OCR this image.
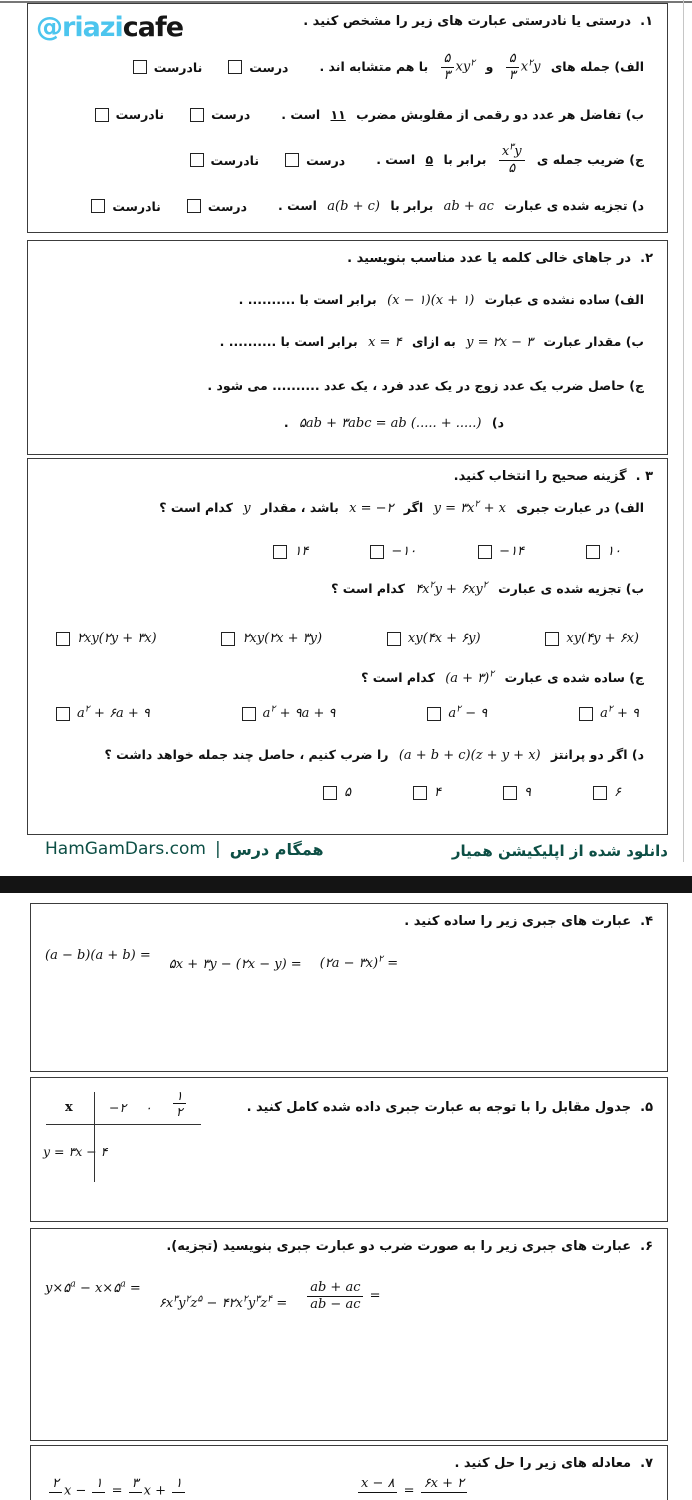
@riazicafe	۱.درستی یا نادرستی عبارت های زیر را مشخص کنید .
الف) جمله های
$\frac{۵}{۳} x^۲y$ و
$\frac{۵}{۳} xy^۲$ با هم متشابه اند .
درست
نادرست
ب) تفاضل هر عدد دو رقمی از مقلوبش مضرب ۱۱ است .
درست
نادرست
ج) ضریب جمله ی
$\frac{x^۳y}{۵}$
برابر با ۵ است .
درست
نادرست
د) تجزیه شده ی عبارت ab + ac برابر با a(b + c) است .
درست
نادرست
۲.در جاهای خالی کلمه یا عدد مناسب بنویسید .
الف) ساده نشده ی عبارت (x − ۱)(x + ۱) برابر است با .......... .
ب) مقدار عبارت y = ۲x − ۳ به ازای x = ۴ برابر است با .......... .
ج) حاصل ضرب یک عدد زوج در یک عدد فرد ، یک عدد .......... می شود .
د) ۵ab + ۳abc = ab (..... + .....) .
۳ .گزینه صحیح را انتخاب کنید.
الف) در عبارت جبری $y = ۳x^۲ + x$ اگر x = −۲ باشد ، مقدار y کدام است ؟
۱۰
−۱۴
−۱۰
۱۴
ب) تجزیه شده ی عبارت $۴x^۲y$ + $۶xy^۲$ کدام است ؟
xy(۴y + ۶x)
xy(۴x + ۶y)
۲xy(۲x + ۳y)
۲xy(۲y + ۳x)
ج) ساده شده ی عبارت (a + ۳)$^۲$ کدام است ؟
$a^۲$ + ۹
$a^۲$ − ۹
$a^۲$ + ۹a + ۹
$a^۲$ + ۶a + ۹
د) اگر دو پرانتز (a + b + c)(z + y + x) را ضرب کنیم ، حاصل چند جمله خواهد داشت ؟
۶
۹
۴
۵
HamGamDars.com | همگام درس	دانلود شده از اپلیکیشن همیار
۴.عبارت های جبری زیر را ساده کنید .
(a − b)(a + b) = ۵x + ۳y − (۲x − y) = (۲a − ۳x)$^۲$ =
۵.جدول مقابل را با توجه به عبارت جبری داده شده کامل کنید .
x	−۲ ۰ $\frac{۱}{۲}$
y = ۳x − ۴
۶.عبارت های جبری زیر را به صورت ضرب دو عبارت جبری بنویسید (تجزیه).
$y\times ۵^a$ − $x\times ۵^a$ = $۶x^۳y^۲z^۵$ − $۴۲x^۲y^۳z^۴ = \frac{ab + ac}{ab - ac}$ =
۷.معادله های زیر را حل کنید .
۲ x − ۱ = ۳ x + ۱	x − ۸ = ۶x + ۲
